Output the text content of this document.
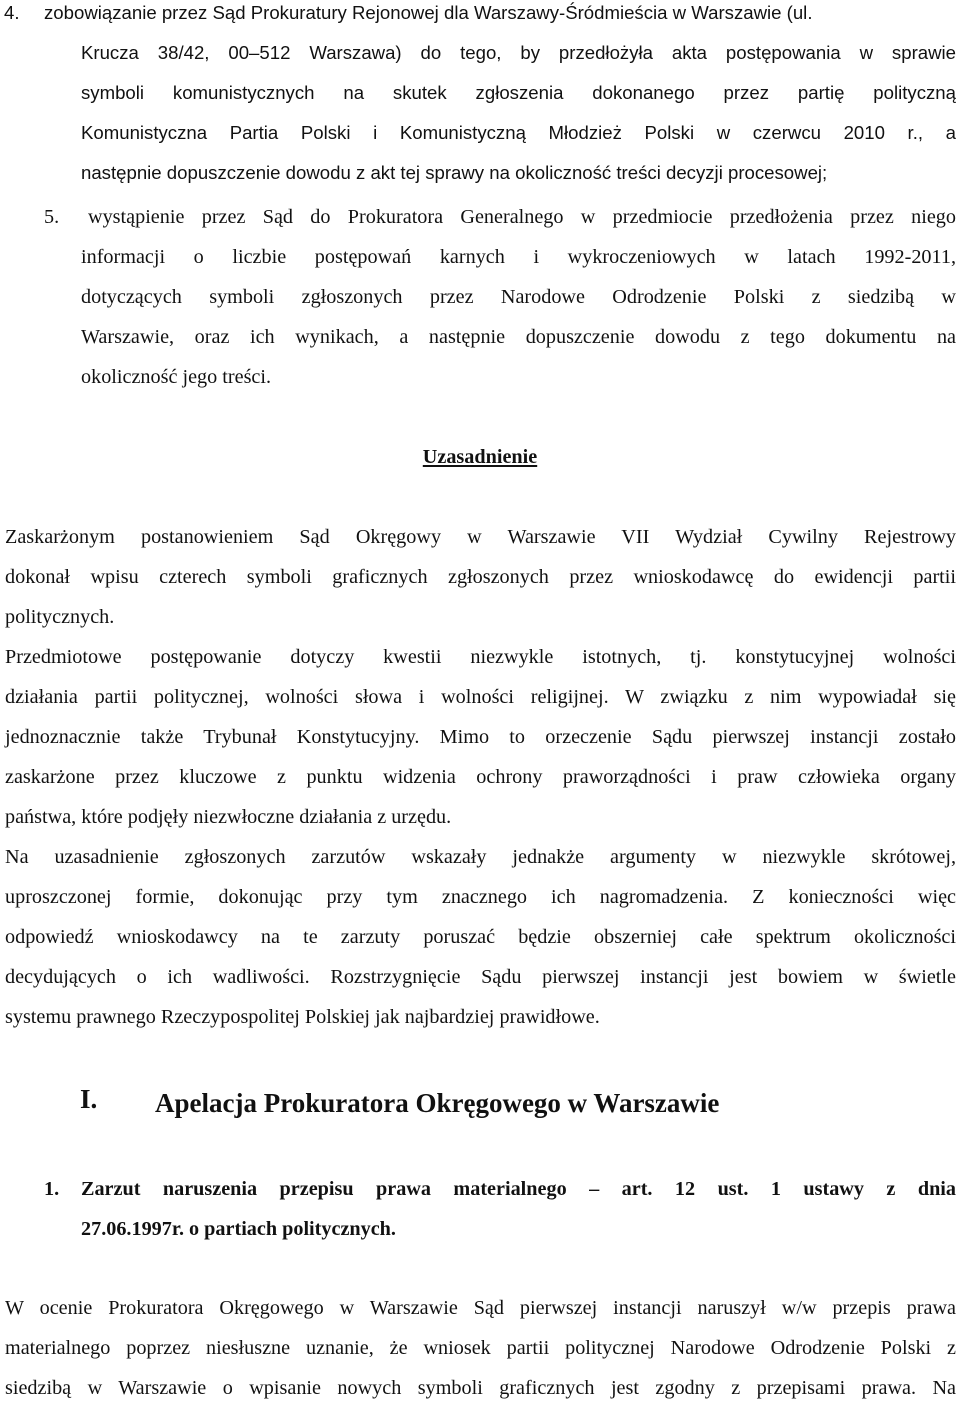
4. zobowiązanie przez Sąd Prokuratury Rejonowej dla Warszawy-Śródmieścia w Warszawie (ul.
Krucza 38/42, 00–512 Warszawa) do tego, by przedłożyła akta postępowania w sprawie
symboli komunistycznych na skutek zgłoszenia dokonanego przez partię polityczną
Komunistyczna Partia Polski i Komunistyczną Młodzież Polski w czerwcu 2010 r., a
następnie dopuszczenie dowodu z akt tej sprawy na okoliczność treści decyzji procesowej;
5. wystąpienie przez Sąd do Prokuratora Generalnego w przedmiocie przedłożenia przez niego
informacji o liczbie postępowań karnych i wykroczeniowych w latach 1992-2011,
dotyczących symboli zgłoszonych przez Narodowe Odrodzenie Polski z siedzibą w
Warszawie, oraz ich wynikach, a następnie dopuszczenie dowodu z tego dokumentu na
okoliczność jego treści.
Uzasadnienie
Zaskarżonym postanowieniem Sąd Okręgowy w Warszawie VII Wydział Cywilny Rejestrowy
dokonał wpisu czterech symboli graficznych zgłoszonych przez wnioskodawcę do ewidencji partii
politycznych.
Przedmiotowe postępowanie dotyczy kwestii niezwykle istotnych, tj. konstytucyjnej wolności
działania partii politycznej, wolności słowa i wolności religijnej. W związku z nim wypowiadał się
jednoznacznie także Trybunał Konstytucyjny. Mimo to orzeczenie Sądu pierwszej instancji zostało
zaskarżone przez kluczowe z punktu widzenia ochrony praworządności i praw człowieka organy
państwa, które podjęły niezwłoczne działania z urzędu.
Na uzasadnienie zgłoszonych zarzutów wskazały jednakże argumenty w niezwykle skrótowej,
uproszczonej formie, dokonując przy tym znacznego ich nagromadzenia. Z konieczności więc
odpowiedź wnioskodawcy na te zarzuty poruszać będzie obszerniej całe spektrum okoliczności
decydujących o ich wadliwości. Rozstrzygnięcie Sądu pierwszej instancji jest bowiem w świetle
systemu prawnego Rzeczypospolitej Polskiej jak najbardziej prawidłowe.
I. Apelacja Prokuratora Okręgowego w Warszawie
1. Zarzut naruszenia przepisu prawa materialnego – art. 12 ust. 1 ustawy z dnia
27.06.1997r. o partiach politycznych.
W ocenie Prokuratora Okręgowego w Warszawie Sąd pierwszej instancji naruszył w/w przepis prawa
materialnego poprzez niesłuszne uznanie, że wniosek partii politycznej Narodowe Odrodzenie Polski z
siedzibą w Warszawie o wpisanie nowych symboli graficznych jest zgodny z przepisami prawa. Na
